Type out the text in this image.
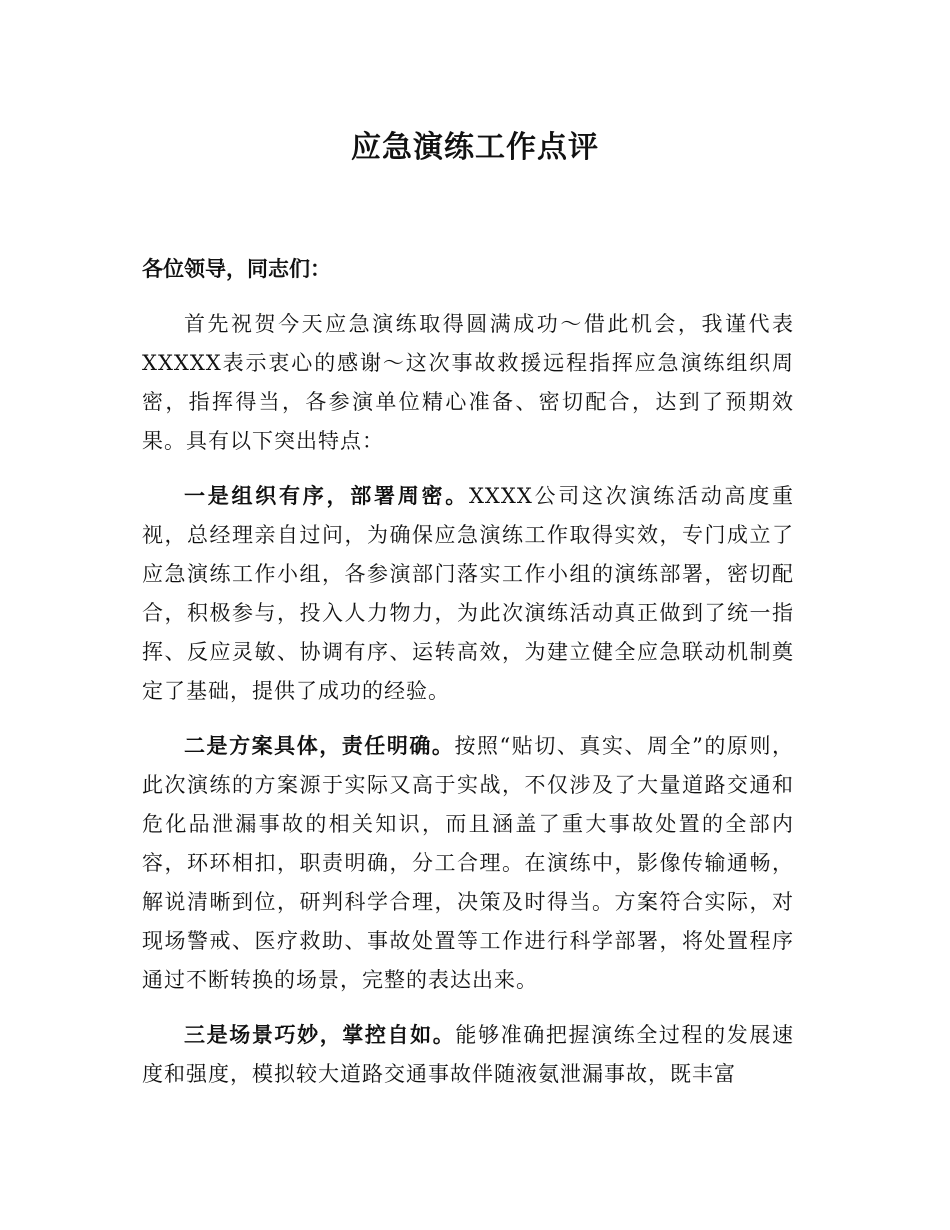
应急演练工作点评

各位领导，同志们：

首先祝贺今天应急演练取得圆满成功～借此机会，我谨代表XXXXX表示衷心的感谢～这次事故救援远程指挥应急演练组织周密，指挥得当，各参演单位精心准备、密切配合，达到了预期效果。具有以下突出特点：

一是组织有序，部署周密。XXXX公司这次演练活动高度重视，总经理亲自过问，为确保应急演练工作取得实效，专门成立了应急演练工作小组，各参演部门落实工作小组的演练部署，密切配合，积极参与，投入人力物力，为此次演练活动真正做到了统一指挥、反应灵敏、协调有序、运转高效，为建立健全应急联动机制奠定了基础，提供了成功的经验。

二是方案具体，责任明确。按照“贴切、真实、周全”的原则，此次演练的方案源于实际又高于实战，不仅涉及了大量道路交通和危化品泄漏事故的相关知识，而且涵盖了重大事故处置的全部内容，环环相扣，职责明确，分工合理。在演练中，影像传输通畅，解说清晰到位，研判科学合理，决策及时得当。方案符合实际，对现场警戒、医疗救助、事故处置等工作进行科学部署，将处置程序通过不断转换的场景，完整的表达出来。

三是场景巧妙，掌控自如。能够准确把握演练全过程的发展速度和强度，模拟较大道路交通事故伴随液氨泄漏事故，既丰富
